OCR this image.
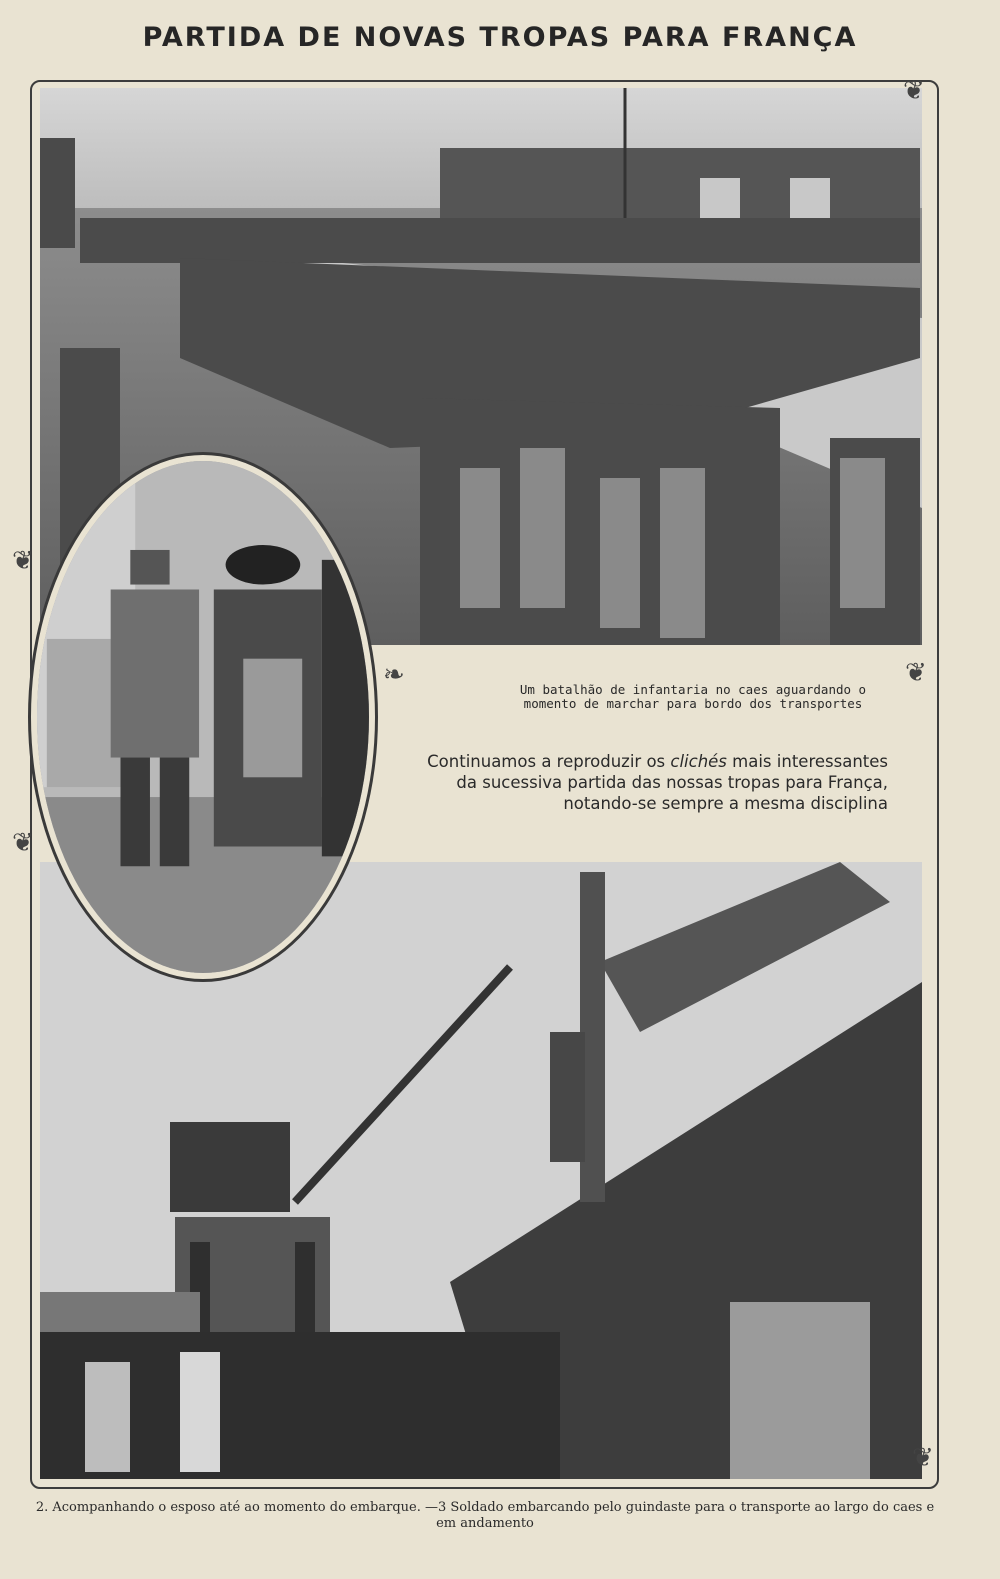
PARTIDA DE NOVAS TROPAS PARA FRANÇA
Um batalhão de infantaria no caes aguardando o momento de marchar para bordo dos transportes
Continuamos a reproduzir os clichés mais interessantes da sucessiva partida das nossas tropas para França, notando-se sempre a mesma disciplina
❦
❦
❧	❦
❦
❦
2. Acompanhando o esposo até ao momento do embarque. —3 Soldado embarcando pelo guindaste para o transporte ao largo do caes e em andamento
